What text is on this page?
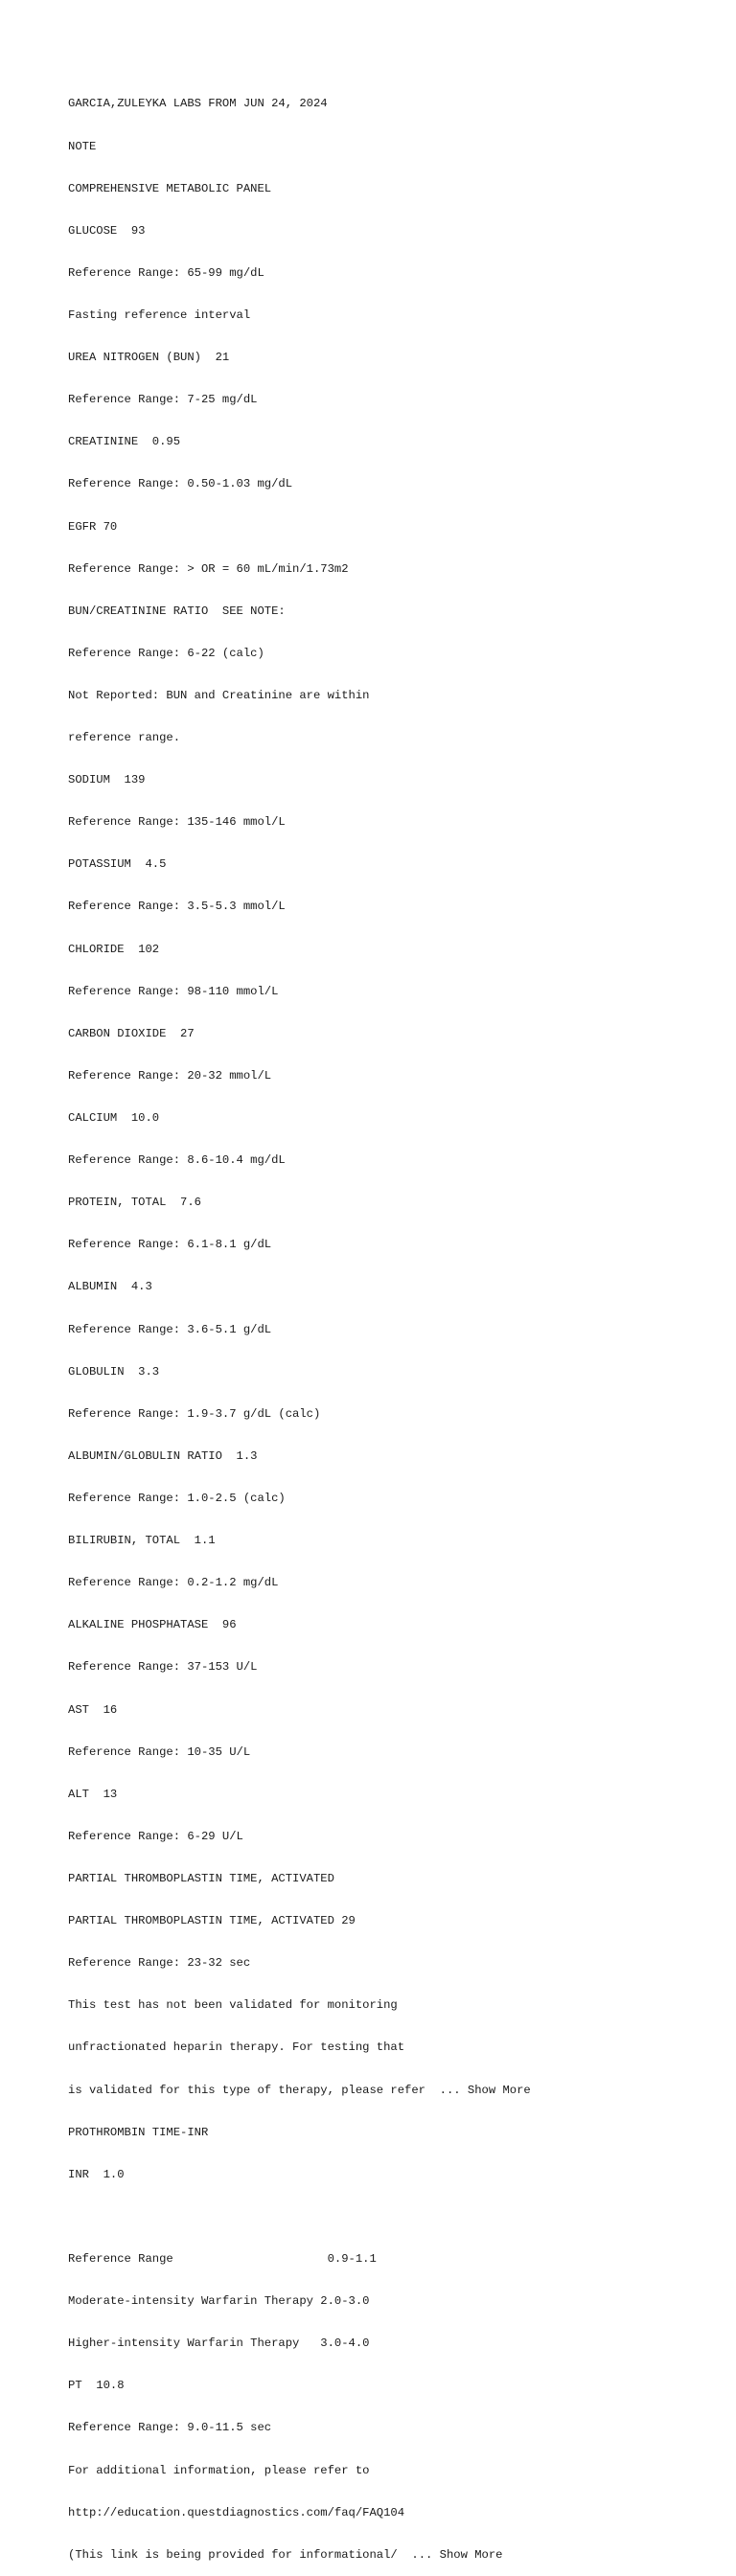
GARCIA,ZULEYKA LABS FROM JUN 24, 2024

NOTE

COMPREHENSIVE METABOLIC PANEL

GLUCOSE  93

Reference Range: 65-99 mg/dL

Fasting reference interval

UREA NITROGEN (BUN)  21

Reference Range: 7-25 mg/dL

CREATININE  0.95

Reference Range: 0.50-1.03 mg/dL

EGFR 70

Reference Range: > OR = 60 mL/min/1.73m2

BUN/CREATININE RATIO  SEE NOTE:

Reference Range: 6-22 (calc)

Not Reported: BUN and Creatinine are within

reference range.

SODIUM  139

Reference Range: 135-146 mmol/L

POTASSIUM  4.5

Reference Range: 3.5-5.3 mmol/L

CHLORIDE  102

Reference Range: 98-110 mmol/L

CARBON DIOXIDE  27

Reference Range: 20-32 mmol/L

CALCIUM  10.0

Reference Range: 8.6-10.4 mg/dL

PROTEIN, TOTAL  7.6

Reference Range: 6.1-8.1 g/dL

ALBUMIN  4.3

Reference Range: 3.6-5.1 g/dL

GLOBULIN  3.3

Reference Range: 1.9-3.7 g/dL (calc)

ALBUMIN/GLOBULIN RATIO  1.3

Reference Range: 1.0-2.5 (calc)

BILIRUBIN, TOTAL  1.1

Reference Range: 0.2-1.2 mg/dL

ALKALINE PHOSPHATASE  96

Reference Range: 37-153 U/L

AST  16

Reference Range: 10-35 U/L

ALT  13

Reference Range: 6-29 U/L

PARTIAL THROMBOPLASTIN TIME, ACTIVATED

PARTIAL THROMBOPLASTIN TIME, ACTIVATED 29

Reference Range: 23-32 sec

This test has not been validated for monitoring

unfractionated heparin therapy. For testing that

is validated for this type of therapy, please refer  ... Show More

PROTHROMBIN TIME-INR

INR  1.0

Reference Range                      0.9-1.1

Moderate-intensity Warfarin Therapy 2.0-3.0

Higher-intensity Warfarin Therapy   3.0-4.0

PT  10.8

Reference Range: 9.0-11.5 sec

For additional information, please refer to

http://education.questdiagnostics.com/faq/FAQ104

(This link is being provided for informational/  ... Show More
